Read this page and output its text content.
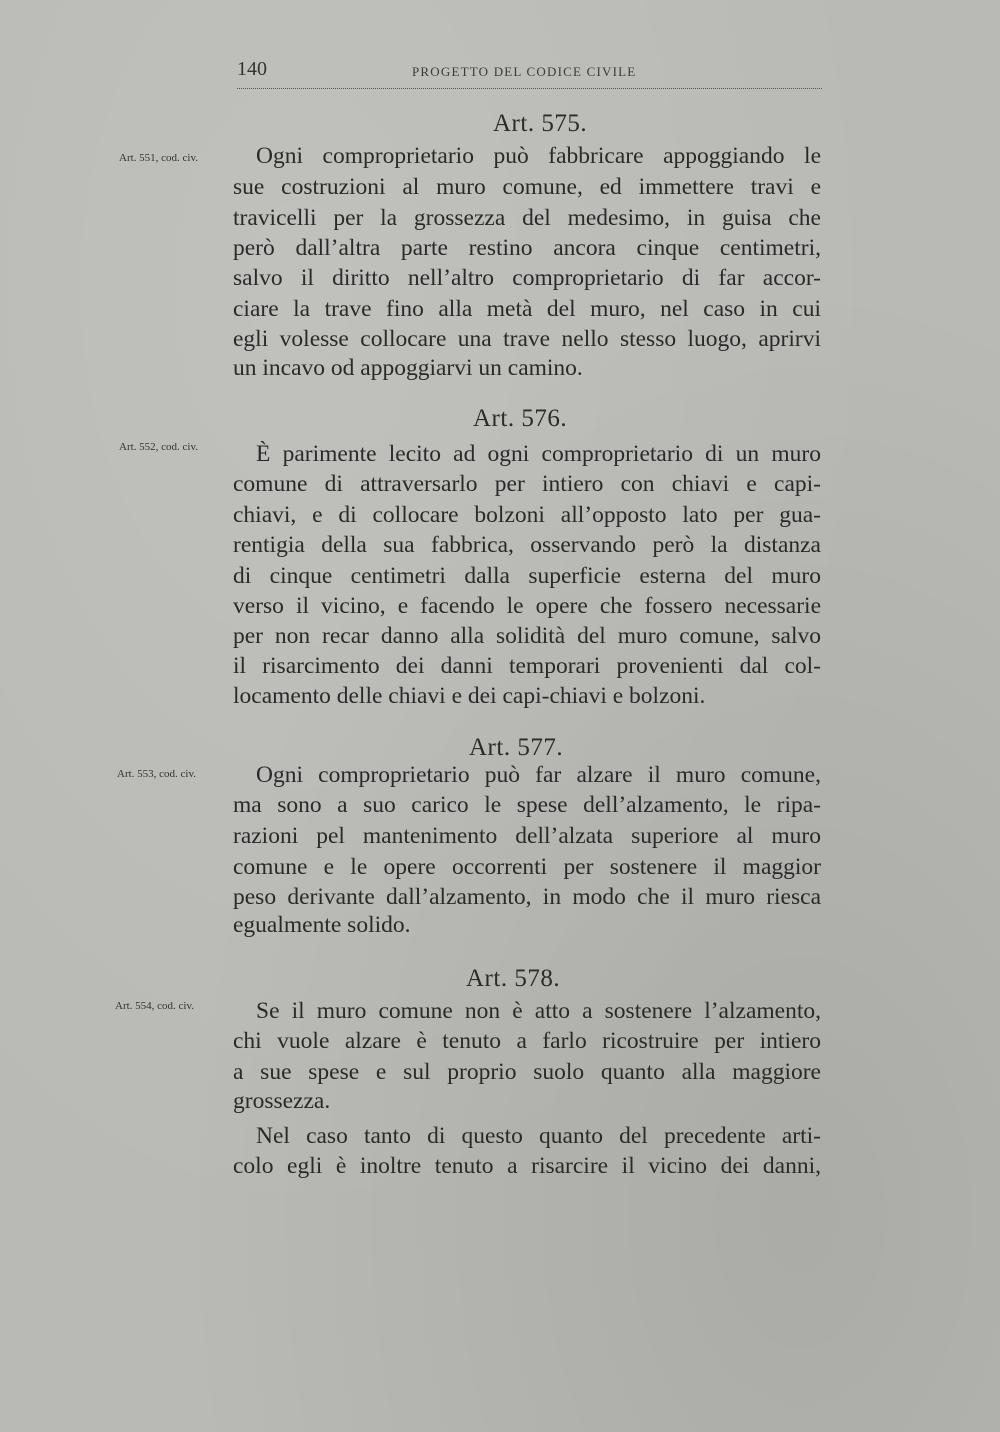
140	PROGETTO DEL CODICE CIVILE
Art. 575.
Art. 551, cod. civ.	Ogni comproprietario può fabbricare appoggiando le
sue costruzioni al muro comune, ed immettere travi e
travicelli per la grossezza del medesimo, in guisa che
però dall’altra parte restino ancora cinque centimetri,
salvo il diritto nell’altro comproprietario di far accor-
ciare la trave fino alla metà del muro, nel caso in cui
egli volesse collocare una trave nello stesso luogo, aprirvi
un incavo od appoggiarvi un camino.
Art. 576.
Art. 552, cod. civ.	È parimente lecito ad ogni comproprietario di un muro
comune di attraversarlo per intiero con chiavi e capi-
chiavi, e di collocare bolzoni all’opposto lato per gua-
rentigia della sua fabbrica, osservando però la distanza
di cinque centimetri dalla superficie esterna del muro
verso il vicino, e facendo le opere che fossero necessarie
per non recar danno alla solidità del muro comune, salvo
il risarcimento dei danni temporari provenienti dal col-
locamento delle chiavi e dei capi-chiavi e bolzoni.
Art. 577.
Art. 553, cod. civ.	Ogni comproprietario può far alzare il muro comune,
ma sono a suo carico le spese dell’alzamento, le ripa-
razioni pel mantenimento dell’alzata superiore al muro
comune e le opere occorrenti per sostenere il maggior
peso derivante dall’alzamento, in modo che il muro riesca
egualmente solido.
Art. 578.
Art. 554, cod. civ.	Se il muro comune non è atto a sostenere l’alzamento,
chi vuole alzare è tenuto a farlo ricostruire per intiero
a sue spese e sul proprio suolo quanto alla maggiore
grossezza.
Nel caso tanto di questo quanto del precedente arti-
colo egli è inoltre tenuto a risarcire il vicino dei danni,
